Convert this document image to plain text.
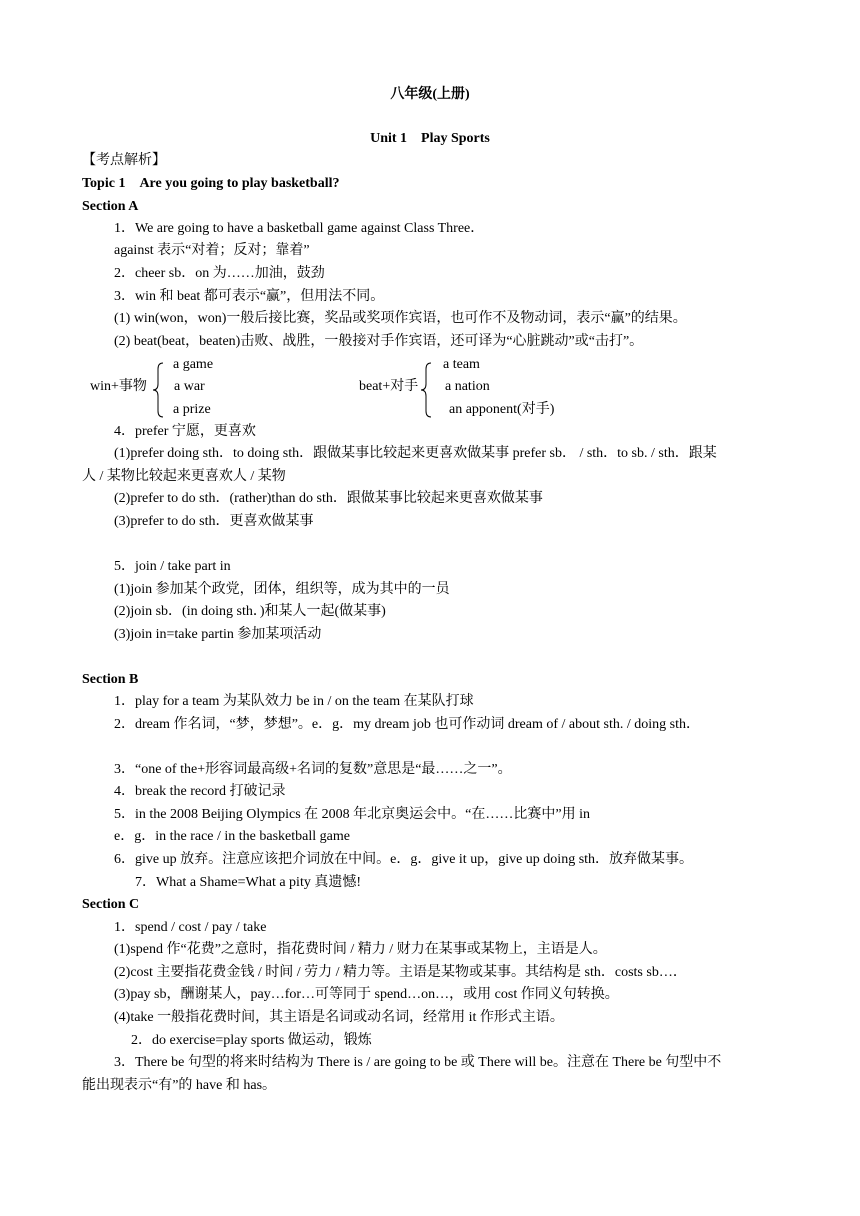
八年级(上册)
Unit 1　Play Sports
【考点解析】
Topic 1　Are you going to play basketball?
Section A
1．We are going to have a basketball game against Class Three．
against 表示“对着；反对；靠着”
2．cheer sb．on 为……加油，鼓劲
3．win 和 beat 都可表示“赢”，但用法不同。
(1) win(won，won)一般后接比赛，奖品或奖项作宾语，也可作不及物动词，表示“赢”的结果。
(2) beat(beat，beaten)击败、战胜，一般接对手作宾语，还可译为“心脏跳动”或“击打”。
win+事物
a game
a war
a prize
beat+对手
a team
a nation
an apponent(对手)
4．prefer 宁愿，更喜欢
(1)prefer doing sth．to doing sth．跟做某事比较起来更喜欢做某事 prefer sb． / sth．to sb. / sth．跟某
人 / 某物比较起来更喜欢人 / 某物
(2)prefer to do sth．(rather)than do sth．跟做某事比较起来更喜欢做某事
(3)prefer to do sth．更喜欢做某事
5．join / take part in
(1)join 参加某个政党，团体，组织等，成为其中的一员
(2)join sb．(in doing sth．)和某人一起(做某事)
(3)join in=take partin 参加某项活动
Section B
1．play for a team 为某队效力 be in / on the team 在某队打球
2．dream 作名词，“梦，梦想”。e．g．my dream job 也可作动词 dream of / about sth. / doing sth．
3．“one of the+形容词最高级+名词的复数”意思是“最……之一”。
4．break the record 打破记录
5．in the 2008 Beijing Olympics 在 2008 年北京奥运会中。“在……比赛中”用 in
e．g．in the race / in the basketball game
6．give up 放弃。注意应该把介词放在中间。e．g．give it up，give up doing sth．放弃做某事。
7．What a Shame=What a pity 真遗憾!
Section C
1．spend / cost / pay / take
(1)spend 作“花费”之意时，指花费时间 / 精力 / 财力在某事或某物上，主语是人。
(2)cost 主要指花费金钱 / 时间 / 劳力 / 精力等。主语是某物或某事。其结构是 sth．costs sb…．
(3)pay sb，酬谢某人，pay…for…可等同于 spend…on…，或用 cost 作同义句转换。
(4)take 一般指花费时间，其主语是名词或动名词，经常用 it 作形式主语。
2．do exercise=play sports 做运动，锻炼
3．There be 句型的将来时结构为 There is / are going to be 或 There will be。注意在 There be 句型中不
能出现表示“有”的 have 和 has。
